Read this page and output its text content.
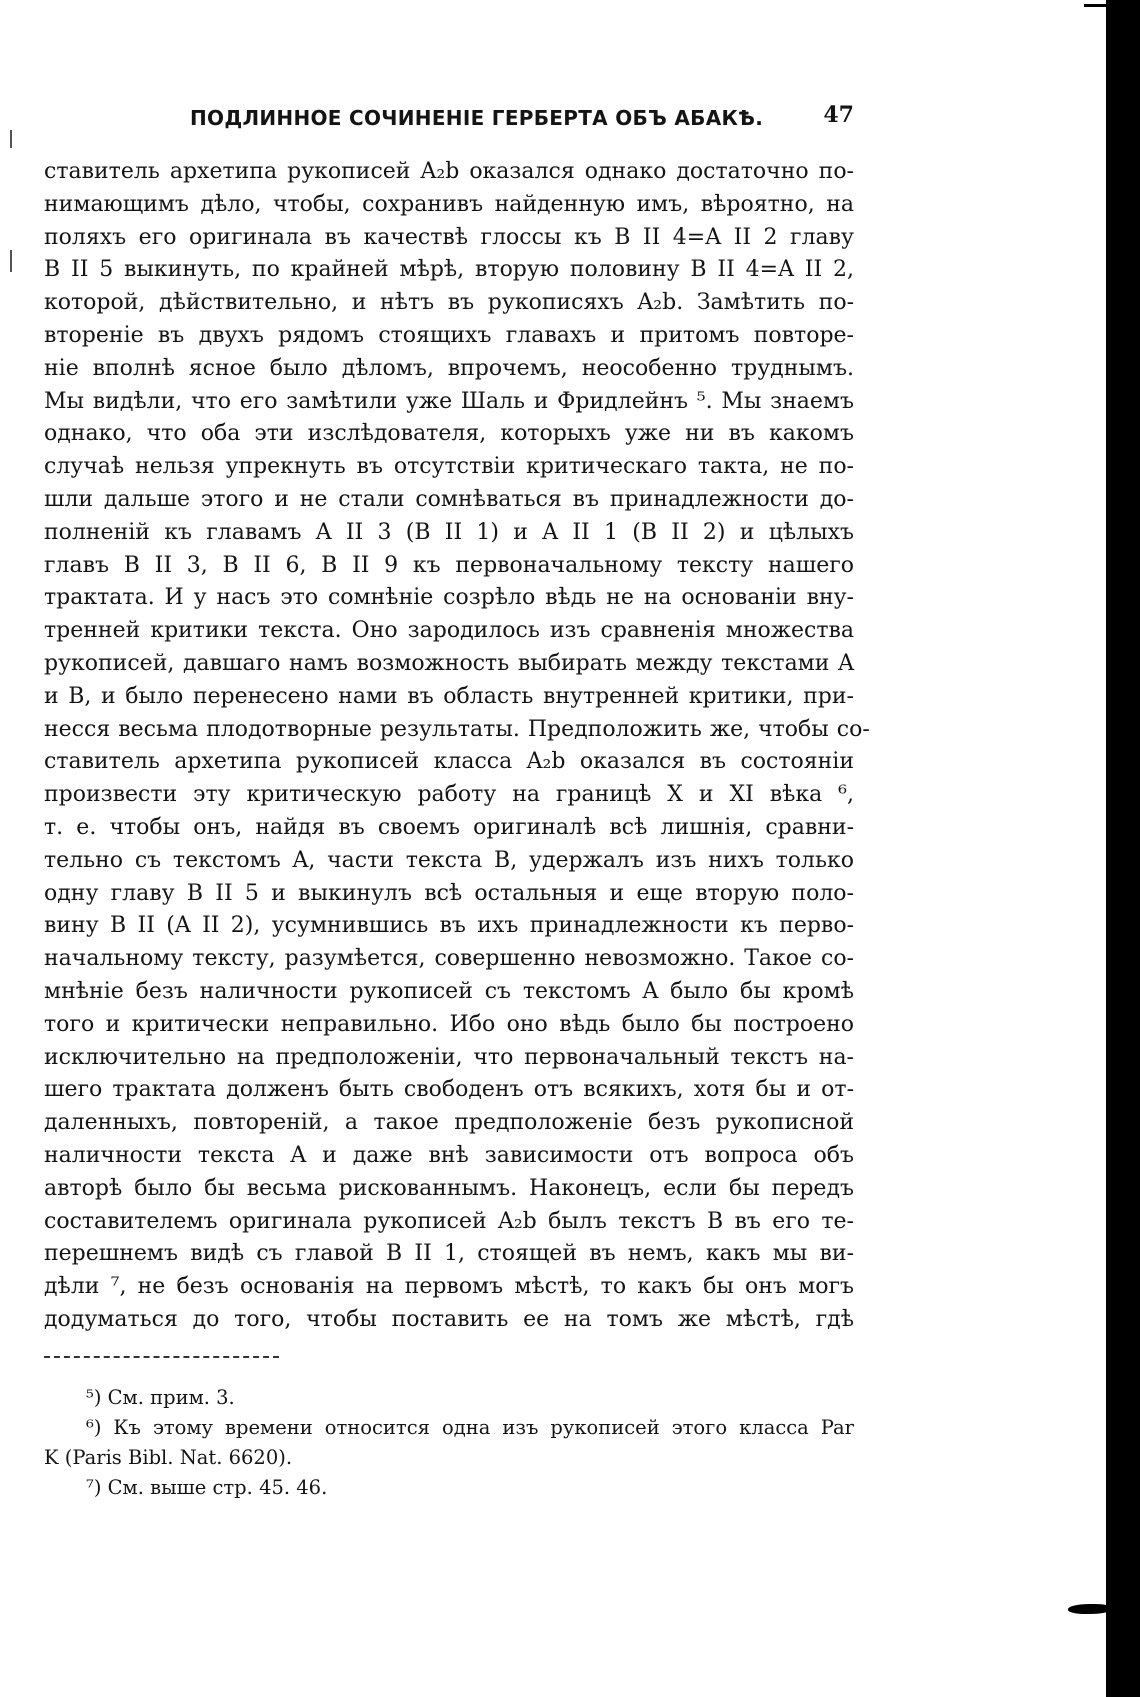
ПОДЛИННОЕ СОЧИНЕНІЕ ГЕРБЕРТА ОБЪ АБАКѢ.	47
ставитель архетипа рукописей A₂b оказался однако достаточно по-
нимающимъ дѣло, чтобы, сохранивъ найденную имъ, вѣроятно, на
поляхъ его оригинала въ качествѣ глоссы къ B II 4=A II 2 главу
B II 5 выкинуть, по крайней мѣрѣ, вторую половину B II 4=A II 2,
которой, дѣйствительно, и нѣтъ въ рукописяхъ A₂b. Замѣтить по-
втореніе въ двухъ рядомъ стоящихъ главахъ и притомъ повторе-
ніе вполнѣ ясное было дѣломъ, впрочемъ, неособенно труднымъ.
Мы видѣли, что его замѣтили уже Шаль и Фридлейнъ ⁵. Мы знаемъ
однако, что оба эти изслѣдователя, которыхъ уже ни въ какомъ
случаѣ нельзя упрекнуть въ отсутствіи критическаго такта, не по-
шли дальше этого и не стали сомнѣваться въ принадлежности до-
полненій къ главамъ A II 3 (B II 1) и A II 1 (B II 2) и цѣлыхъ
главъ B II 3, B II 6, B II 9 къ первоначальному тексту нашего
трактата. И у насъ это сомнѣніе созрѣло вѣдь не на основаніи вну-
тренней критики текста. Оно зародилось изъ сравненія множества
рукописей, давшаго намъ возможность выбирать между текстами A
и B, и было перенесено нами въ область внутренней критики, при-
несся весьма плодотворные результаты. Предположить же, чтобы со-
ставитель архетипа рукописей класса A₂b оказался въ состояніи
произвести эту критическую работу на границѣ X и XI вѣка ⁶,
т. е. чтобы онъ, найдя въ своемъ оригиналѣ всѣ лишнія, сравни-
тельно съ текстомъ A, части текста B, удержалъ изъ нихъ только
одну главу B II 5 и выкинулъ всѣ остальныя и еще вторую поло-
вину B II (A II 2), усумнившись въ ихъ принадлежности къ перво-
начальному тексту, разумѣется, совершенно невозможно. Такое со-
мнѣніе безъ наличности рукописей съ текстомъ A было бы кромѣ
того и критически неправильно. Ибо оно вѣдь было бы построено
исключительно на предположеніи, что первоначальный текстъ на-
шего трактата долженъ быть свободенъ отъ всякихъ, хотя бы и от-
даленныхъ, повтореній, а такое предположеніе безъ рукописной
наличности текста A и даже внѣ зависимости отъ вопроса объ
авторѣ было бы весьма рискованнымъ. Наконецъ, если бы передъ
составителемъ оригинала рукописей A₂b былъ текстъ B въ его те-
перешнемъ видѣ съ главой B II 1, стоящей въ немъ, какъ мы ви-
дѣли ⁷, не безъ основанія на первомъ мѣстѣ, то какъ бы онъ могъ
додуматься до того, чтобы поставить ее на томъ же мѣстѣ, гдѣ
⁵) См. прим. 3.
⁶) Къ этому времени относится одна изъ рукописей этого класса Par
K (Paris Bibl. Nat. 6620).
⁷) См. выше стр. 45. 46.
